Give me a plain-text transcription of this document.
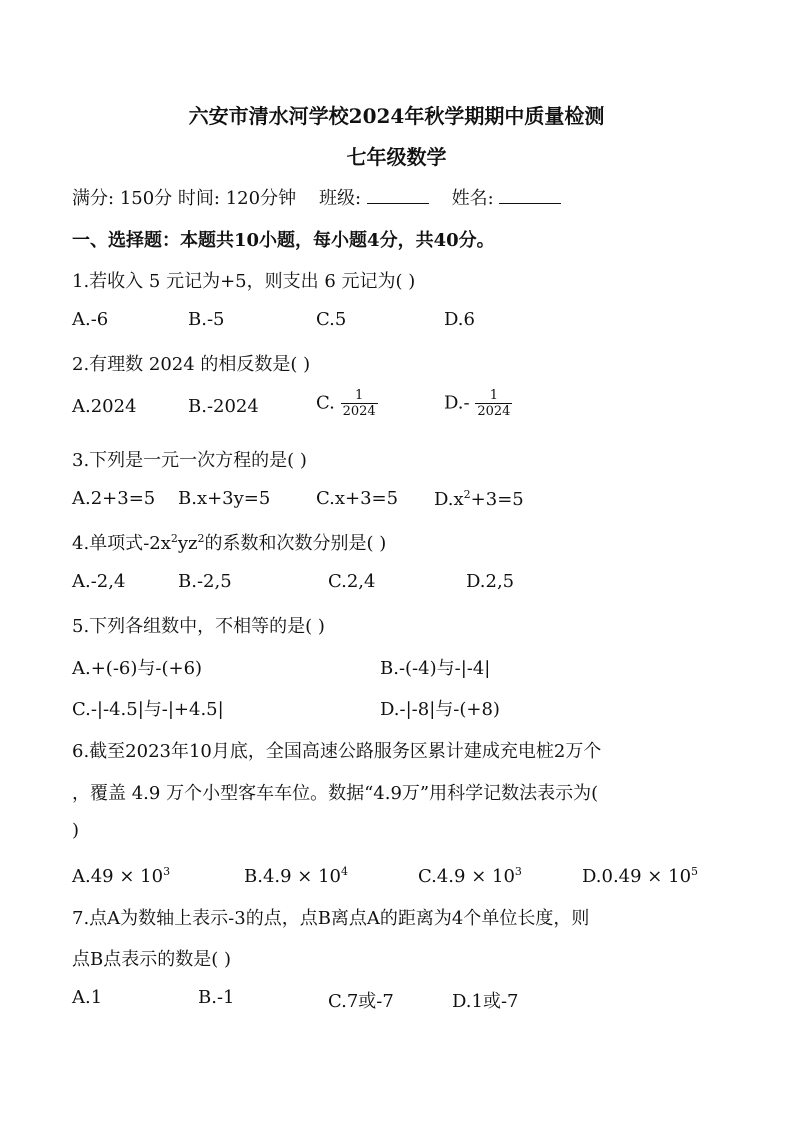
六安市清水河学校2024年秋学期期中质量检测
七年级数学
满分: 150分 时间: 120分钟 班级:	姓名:
一、选择题：本题共10小题，每小题4分，共40分。
1.若收入 5 元记为+5，则支出 6 元记为( )
A.-6	B.-5	C.5	D.6
2.有理数 2024 的相反数是( )
A.2024	B.-2024	C. $\frac{1}{2024}$	$D.- \frac{1}{2024}$
3.下列是一元一次方程的是( )
A.2+3=5 B.x+3y=5	C.x+3=5 $D.x^2+3=5$
4.单项式$-2x^2yz^2$的系数和次数分别是( )
A.-2,4	B.-2,5	C.2,4	D.2,5
5.下列各组数中，不相等的是( )
A.+(-6)与-(+6)	B.-(-4)与-|-4|
C.-|-4.5|与-|+4.5|	D.-|-8|与-(+8)
6.截至2023年10月底，全国高速公路服务区累计建成充电桩2万个
，覆盖 4.9 万个小型客车车位。数据“4.9万”用科学记数法表示为(
)
$A.49 \times 10^3$	$B.4.9 \times 10^4$	$C.4.9 \times 10^3$	$D.0.49 \times 10^5$
7.点A为数轴上表示-3的点，点B离点A的距离为4个单位长度，则
点B点表示的数是( )
A.1	B.-1	C.7或-7	D.1或-7
